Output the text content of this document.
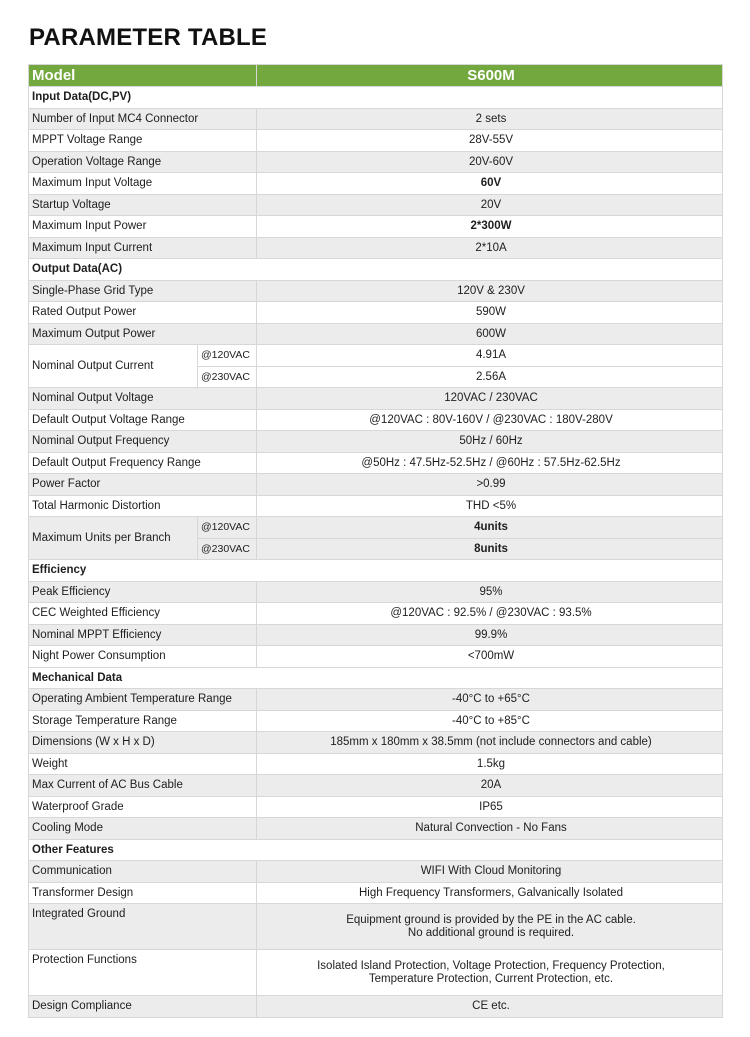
PARAMETER TABLE
Model		S600M
Input Data(DC,PV)		
Number of Input MC4 Connector		2 sets
MPPT Voltage Range		28V-55V
Operation Voltage Range		20V-60V
Maximum Input Voltage		60V
Startup Voltage		20V
Maximum Input Power		2*300W
Maximum Input Current		2*10A
Output Data(AC)		
Single-Phase Grid Type		120V & 230V
Rated Output Power		590W
Maximum Output Power		600W
Nominal Output Current	@120VAC	4.91A
	@230VAC	2.56A
Nominal Output Voltage		120VAC / 230VAC
Default Output Voltage Range		@120VAC : 80V-160V / @230VAC : 180V-280V
Nominal Output Frequency		50Hz / 60Hz
Default Output Frequency Range		@50Hz : 47.5Hz-52.5Hz / @60Hz : 57.5Hz-62.5Hz
Power Factor		>0.99
Total Harmonic Distortion		THD <5%
Maximum Units per Branch	@120VAC	4units
	@230VAC	8units
Efficiency		
Peak Efficiency		95%
CEC Weighted Efficiency		@120VAC : 92.5% / @230VAC : 93.5%
Nominal MPPT Efficiency		99.9%
Night Power Consumption		<700mW
Mechanical Data		
Operating Ambient Temperature Range		-40°C to +65°C
Storage Temperature Range		-40°C to +85°C
Dimensions (W x H x D)		185mm x 180mm x 38.5mm (not include connectors and cable)
Weight		1.5kg
Max Current of AC Bus Cable		20A
Waterproof Grade		IP65
Cooling Mode		Natural Convection - No Fans
Other Features		
Communication		WIFI With Cloud Monitoring
Transformer Design		High Frequency Transformers, Galvanically Isolated
Integrated Ground		Equipment ground is provided by the PE in the AC cable.
No additional ground is required.

Protection Functions		Isolated Island Protection, Voltage Protection, Frequency Protection,
Temperature Protection, Current Protection, etc.

Design Compliance		CE etc.
